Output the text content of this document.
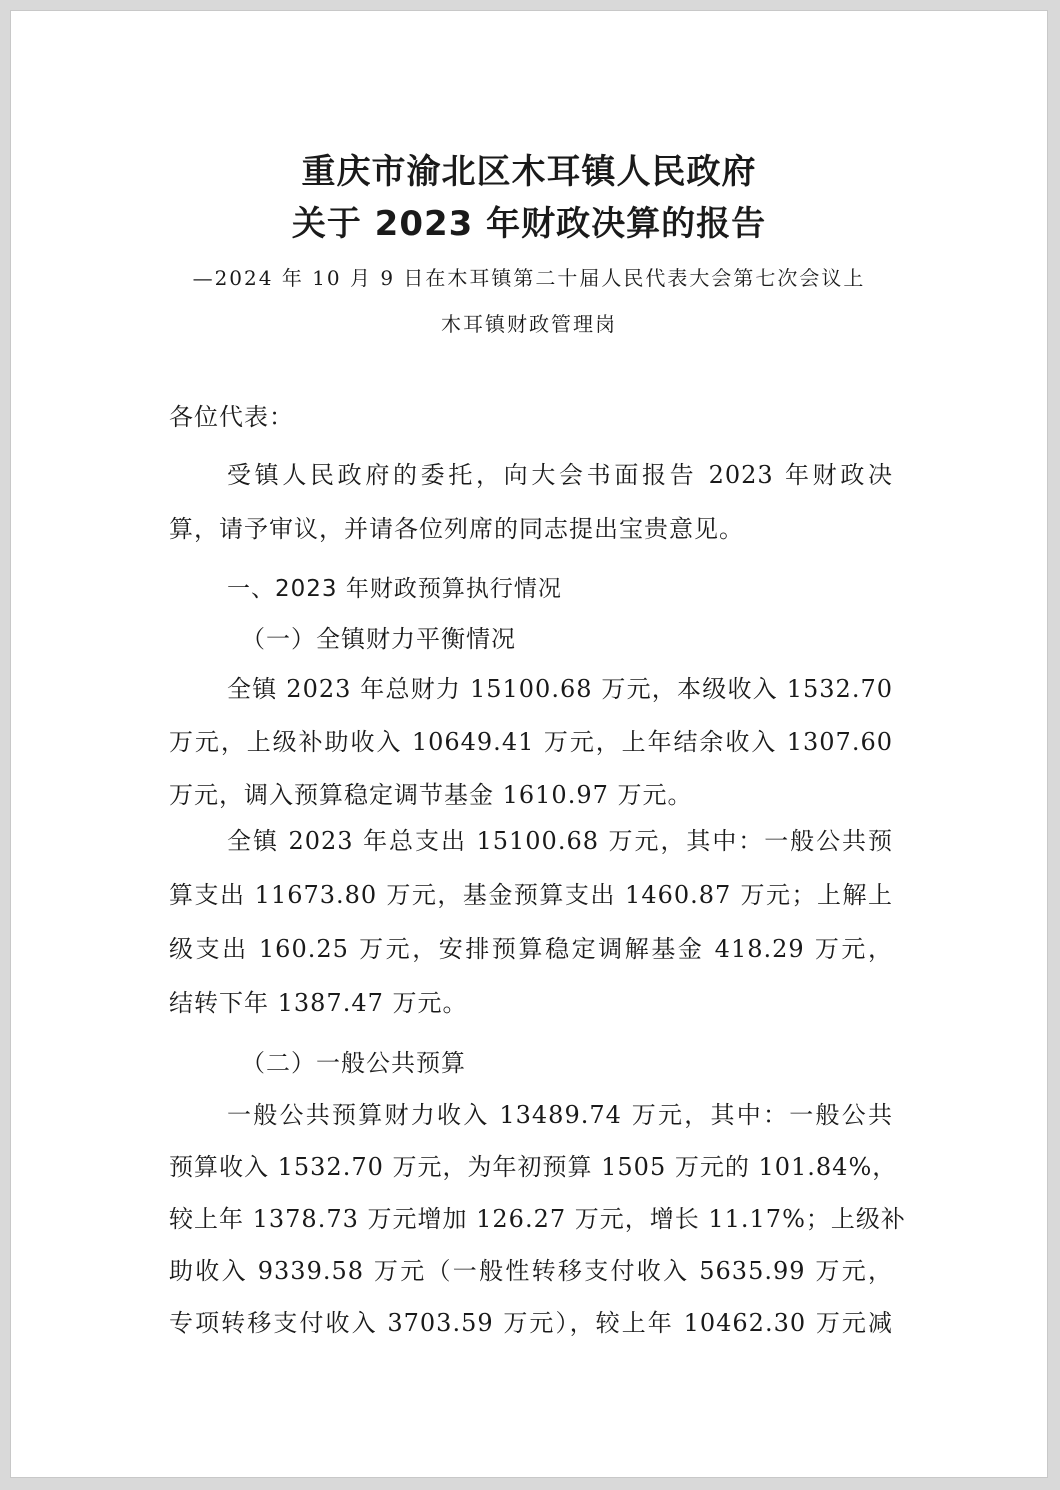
重庆市渝北区木耳镇人民政府
关于 2023 年财政决算的报告
—2024 年 10 月 9 日在木耳镇第二十届人民代表大会第七次会议上
木耳镇财政管理岗
各位代表：
受镇人民政府的委托，向大会书面报告 2023 年财政决
算，请予审议，并请各位列席的同志提出宝贵意见。
一、2023 年财政预算执行情况
（一）全镇财力平衡情况
全镇 2023 年总财力 15100.68 万元，本级收入 1532.70
万元，上级补助收入 10649.41 万元，上年结余收入 1307.60
万元，调入预算稳定调节基金 1610.97 万元。
全镇 2023 年总支出 15100.68 万元，其中：一般公共预
算支出 11673.80 万元，基金预算支出 1460.87 万元；上解上
级支出 160.25 万元，安排预算稳定调解基金 418.29 万元，
结转下年 1387.47 万元。
（二）一般公共预算
一般公共预算财力收入 13489.74 万元，其中：一般公共
预算收入 1532.70 万元，为年初预算 1505 万元的 101.84%，
较上年 1378.73 万元增加 126.27 万元，增长 11.17%；上级补
助收入 9339.58 万元（一般性转移支付收入 5635.99 万元，
专项转移支付收入 3703.59 万元），较上年 10462.30 万元减
